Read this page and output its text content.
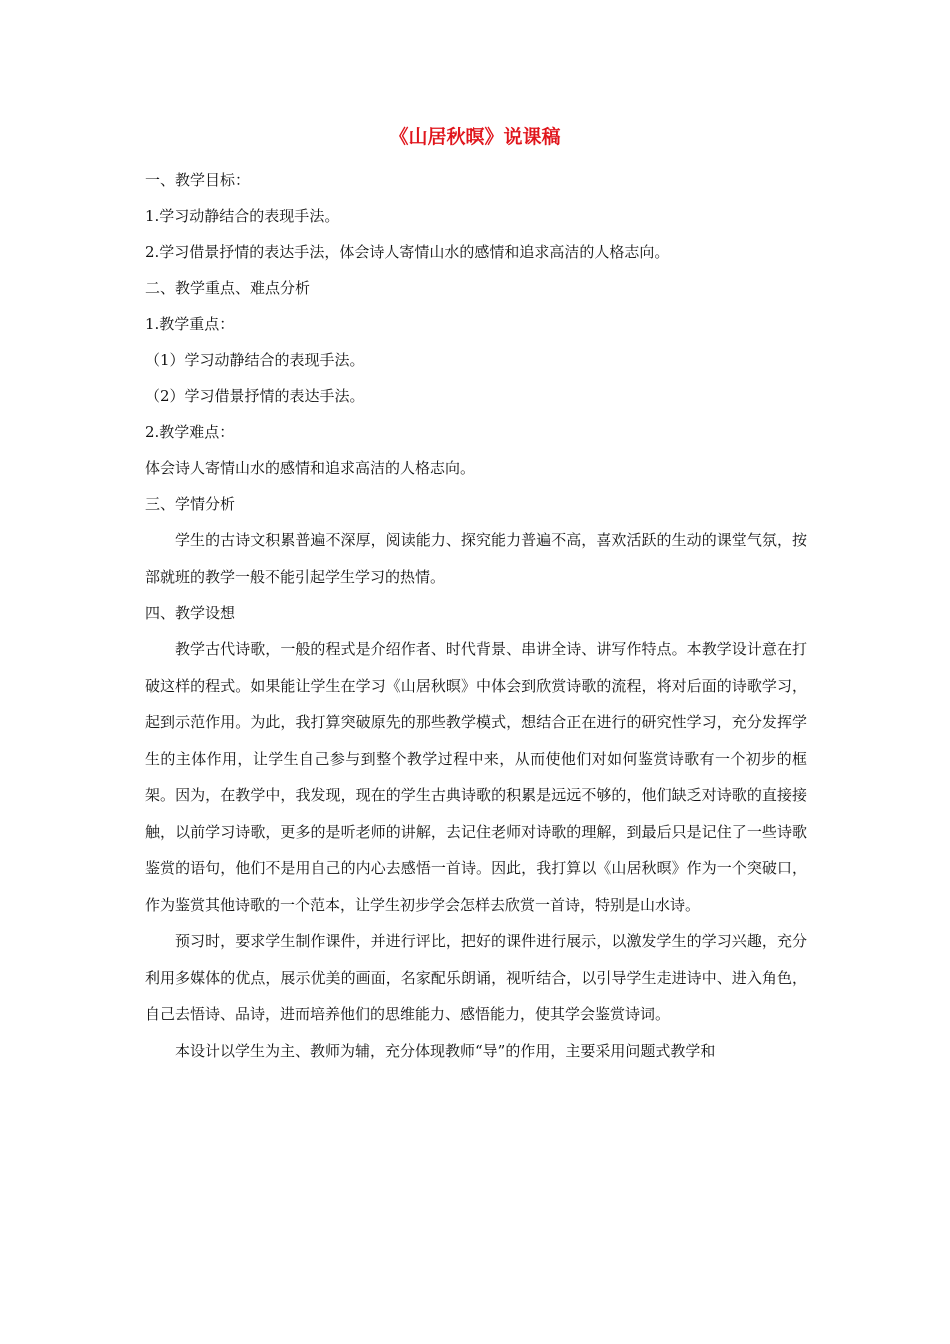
《山居秋暝》说课稿

一、教学目标：

1.学习动静结合的表现手法。

2.学习借景抒情的表达手法，体会诗人寄情山水的感情和追求高洁的人格志向。

二、教学重点、难点分析

1.教学重点：

（1）学习动静结合的表现手法。

（2）学习借景抒情的表达手法。

2.教学难点：

体会诗人寄情山水的感情和追求高洁的人格志向。

三、学情分析

学生的古诗文积累普遍不深厚，阅读能力、探究能力普遍不高，喜欢活跃的生动的课堂气氛，按部就班的教学一般不能引起学生学习的热情。

四、教学设想

教学古代诗歌，一般的程式是介绍作者、时代背景、串讲全诗、讲写作特点。本教学设计意在打破这样的程式。如果能让学生在学习《山居秋暝》中体会到欣赏诗歌的流程，将对后面的诗歌学习，起到示范作用。为此，我打算突破原先的那些教学模式，想结合正在进行的研究性学习，充分发挥学生的主体作用，让学生自己参与到整个教学过程中来，从而使他们对如何鉴赏诗歌有一个初步的框架。因为，在教学中，我发现，现在的学生古典诗歌的积累是远远不够的，他们缺乏对诗歌的直接接触，以前学习诗歌，更多的是听老师的讲解，去记住老师对诗歌的理解，到最后只是记住了一些诗歌鉴赏的语句，他们不是用自己的内心去感悟一首诗。因此，我打算以《山居秋暝》作为一个突破口，作为鉴赏其他诗歌的一个范本，让学生初步学会怎样去欣赏一首诗，特别是山水诗。

预习时，要求学生制作课件，并进行评比，把好的课件进行展示，以激发学生的学习兴趣，充分利用多媒体的优点，展示优美的画面，名家配乐朗诵，视听结合，以引导学生走进诗中、进入角色，自己去悟诗、品诗，进而培养他们的思维能力、感悟能力，使其学会鉴赏诗词。

本设计以学生为主、教师为辅，充分体现教师“导”的作用，主要采用问题式教学和
